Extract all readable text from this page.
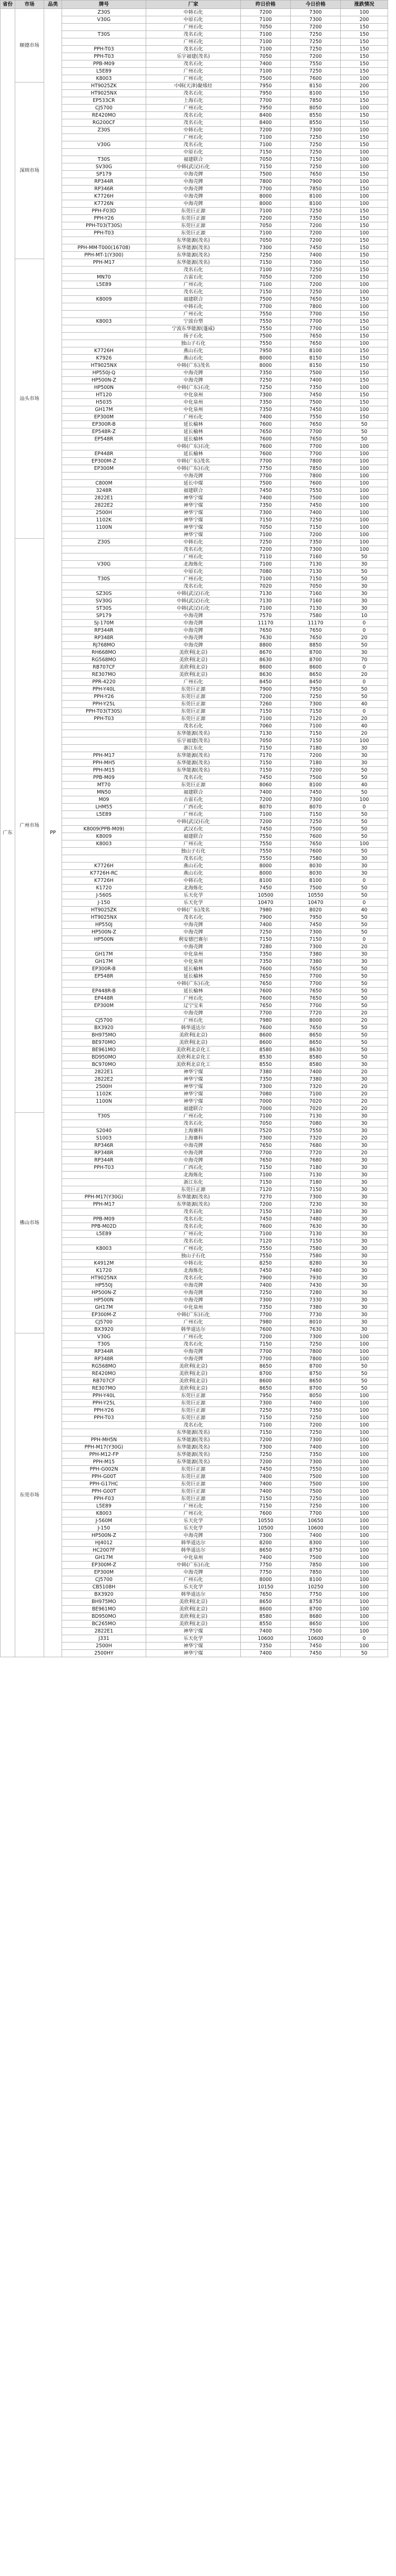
省份	市场	品类	牌号	厂家	昨日价格	今日价格	涨跌情况
广东	顺德市场	PP	Z30S	中韩石化	7200	7300	100
			V30G	中原石化	7100	7300	200
				广州石化	7050	7200	150
			T30S	茂名石化	7100	7250	150
				广州石化	7100	7250	150
			PPH-T03	茂名石化	7100	7250	150
			PPH-T03	乐宇福建(茂名)	7050	7200	150
			PPB-M09	茂名石化	7400	7550	150
			L5E89	广州石化	7100	7250	150
			K8003	广州石化	7500	7600	100
	深圳市场		HT9025ZK	中韩(天津)聚烯烃	7950	8150	200
			HT9025NX	茂名石化	7950	8100	150
			EP533CR	上海石化	7700	7850	150
			CJ5700	广州石化	7950	8050	100
			RE420MO	茂名石化	8400	8550	150
			RG200CF	茂名石化	8400	8550	150
			Z30S	中韩石化	7200	7300	100
				广州石化	7100	7250	150
			V30G	茂名石化	7100	7250	150
				中原石化	7150	7250	100
			T30S	福建联合	7050	7150	100
			SV30G	中韩(武汉)石化	7150	7250	100
			SP179	中海壳牌	7500	7650	150
			RP344R	中海壳牌	7800	7900	100
			RP346R	中海壳牌	7700	7850	150
			K7726H	中海壳牌	8000	8100	100
			K7726N	中海壳牌	8000	8100	100
			PPH-F03D	东莞巨正源	7100	7250	150
			PPH-Y26	东莞巨正源	7200	7350	150
			PPH-T03(T30S)	东莞巨正源	7050	7200	150
			PPH-T03	东莞巨正源	7100	7200	100
				东华能源(茂名)	7050	7200	150
			PPH-MM-T000(16708)	东华能源(茂名)	7300	7450	150
			PPH-MT-1(Y300)	东华能源(茂名)	7250	7400	150
	汕头市场		PPH-M17	东华能源(茂名)	7150	7300	150
				茂名石化	7100	7250	150
			MN70	古雷石化	7050	7200	150
			L5E89	广州石化	7100	7200	100
				茂名石化	7150	7250	100
			K8009	福建联合	7500	7650	150
				中韩石化	7700	7800	100
				广州石化	7550	7700	150
			K8003	宁波台塑	7550	7700	150
				宁波东华能源(蓬威)	7550	7700	150
				扬子石化	7500	7650	150
				独山子石化	7550	7650	100
			K7726H	燕山石化	7950	8100	150
			K7926	燕山石化	8000	8150	150
			HT9025NX	中韩(广东)茂名	8000	8150	150
			HP550J-Q	中海壳牌	7350	7500	150
			HP500N-Z	中海壳牌	7250	7400	150
			HP500N	中韩(广东)石化	7250	7350	100
			HT120	中化泉州	7300	7450	150
			H5035	中化泉州	7350	7500	150
			GH17M	中化泉州	7350	7450	100
			EP300M	广州石化	7400	7550	150
			EP300R-B	延长榆林	7600	7650	50
			EP548R-Z	延长榆林	7650	7700	50
			EP548R	延长榆林	7600	7650	50
				中韩(广东)石化	7600	7700	100
			EP448R	延长榆林	7600	7700	100
			EP300M-Z	中韩(广东)茂名	7700	7800	100
			EP300M	中韩(广东)石化	7750	7850	100
				中海壳牌	7700	7800	100
			C800M	延长中煤	7500	7600	100
			3248R	福建联合	7450	7550	100
			2822E1	神华宁煤	7400	7500	100
			2822E2	神华宁煤	7350	7450	100
			2500H	神华宁煤	7300	7400	100
			1102K	神华宁煤	7150	7250	100
			1100N	神华宁煤	7050	7150	100
				神华宁煤	7100	7200	100
	广州市场		Z30S	中韩石化	7250	7350	100
				茂名石化	7200	7300	100
				广州石化	7110	7160	50
			V30G	北海炼化	7100	7130	30
				中原石化	7080	7130	50
			T30S	广州石化	7100	7150	50
				茂名石化	7020	7050	30
			SZ30S	中韩(武汉)石化	7130	7160	30
			SV30G	中韩(武汉)石化	7130	7160	30
			ST30S	中韩(武汉)石化	7100	7130	30
			SP179	中海壳牌	7570	7580	10
			SJ-170M	中海壳牌	11170	11170	0
			RP344R	中海壳牌	7650	7650	0
			RP348R	中海壳牌	7630	7650	20
			RJ768MO	中海壳牌	8800	8850	50
			RH668MO	美欣利(北京)	8670	8700	30
			RG568MO	美欣利(北京)	8630	8700	70
			RB707CF	美欣利(北京)	8600	8600	0
			RE307MO	美欣利(北京)	8630	8650	20
			PPR-4220	广州石化	8450	8450	0
			PPH-Y40L	东莞巨正源	7900	7950	50
			PPH-Y26	东莞巨正源	7200	7250	50
			PPH-Y25L	东莞巨正源	7260	7300	40
			PPH-T03(T30S)	东莞巨正源	7150	7150	0
			PPH-T03	东莞巨正源	7100	7120	20
				茂名石化	7060	7100	40
				东华能源(茂名)	7130	7150	20
				乐宇福建(茂名)	7050	7150	100
				浙江东化	7150	7180	30
			PPH-M17	东华能源(茂名)	7170	7200	30
			PPH-MH5	东华能源(茂名)	7150	7180	30
			PPH-M15	东华能源(茂名)	7150	7200	50
			PPB-M09	茂名石化	7450	7500	50
			MT70	东莞巨正源	8060	8100	40
			MN50	福建联合	7400	7450	50
			M09	古雷石化	7200	7300	100
			LHM55	广西石化	8070	8070	0
			L5E89	广州石化	7100	7150	50
				中韩(武汉)石化	7200	7250	50
			K8009(PPB-M09)	武汉石化	7450	7500	50
			K8009	福建联合	7550	7600	50
			K8003	广州石化	7550	7650	100
				独山子石化	7550	7600	50
				茂名石化	7550	7580	30
			K7726H	燕山石化	8000	8030	30
			K7726H-RC	燕山石化	8000	8030	30
			K7726H	中韩石化	8100	8100	0
			K1720	北海炼化	7450	7500	50
			J-560S	乐天化学	10500	10550	50
			J-150	乐天化学	10470	10470	0
			HT9025ZK	中韩(广东)茂名	7980	8020	40
			HT9025NX	茂名石化	7900	7950	50
			HP550J	中海壳牌	7400	7450	50
			HP500N-Z	中海壳牌	7250	7300	50
			HP500N	利安德巴赛尔	7150	7150	0
				中海壳牌	7280	7300	20
			GH17M	中化泉州	7350	7380	30
			GH17M	中化泉州	7350	7380	30
			EP300R-B	延长榆林	7600	7650	50
			EP548R	延长榆林	7650	7700	50
				中韩(广东)石化	7650	7700	50
			EP448R-B	延长榆林	7600	7650	50
			EP448R	广州石化	7600	7650	50
			EP300M	辽宁宝来	7650	7700	50
				中海壳牌	7700	7720	20
			CJ5700	广州石化	7980	8000	20
			BX3920	韩华道达尔	7600	7650	50
			BH975MO	美欣利(北京)	8600	8650	50
			BE970MO	美欣利(北京)	8600	8650	50
			BE961MO	美欣利北京化工	8580	8630	50
			BD950MO	美欣利北京化工	8530	8580	50
			BC970MO	美欣利北京化工	8550	8580	30
			2822E1	神华宁煤	7380	7400	20
			2822E2	神华宁煤	7350	7380	30
			2500H	神华宁煤	7300	7320	20
			1102K	神华宁煤	7080	7100	20
			1100N	神华宁煤	7000	7020	20
				福建联合	7000	7020	20
	佛山市场		T30S	广州石化	7100	7130	30
				茂名石化	7050	7080	30
			S2040	上海赛科	7520	7550	30
			S1003	上海赛科	7300	7320	20
			RP346R	中海壳牌	7650	7680	30
			RP348R	中海壳牌	7700	7720	20
			RP344R	中海壳牌	7650	7680	30
			PPH-T03	广西石化	7150	7180	30
				北海炼化	7100	7130	30
				浙江东化	7150	7180	30
				东莞巨正源	7120	7150	30
			PPH-M17(Y30G)	东华能源(茂名)	7270	7300	30
			PPH-M17	东华能源(茂名)	7200	7230	30
				茂名石化	7150	7180	30
			PPB-M09	茂名石化	7450	7480	30
			PPB-M02D	茂名石化	7600	7630	30
			L5E89	广州石化	7100	7130	30
				茂名石化	7120	7150	30
			K8003	广州石化	7550	7580	30
				独山子石化	7550	7580	30
			K4912M	中韩石化	8250	8280	30
			K1720	北海炼化	7450	7480	30
			HT9025NX	茂名石化	7900	7930	30
			HP550J	中海壳牌	7400	7430	30
			HP500N-Z	中海壳牌	7250	7280	30
			HP500N	中海壳牌	7300	7330	30
			GH17M	中化泉州	7350	7380	30
			EP300M-Z	中韩(广东)石化	7700	7730	30
			CJ5700	广州石化	7980	8010	30
			BX3920	韩华道达尔	7600	7630	30
	东莞市场		V30G	广州石化	7200	7300	100
			T30S	茂名石化	7150	7250	100
			RP344R	中海壳牌	7700	7800	100
			RP348R	中海壳牌	7700	7800	100
			RG568MO	美欣利(北京)	8650	8700	50
			RE420MO	美欣利(北京)	8700	8750	50
			RB707CF	美欣利(北京)	8600	8650	50
			RE307MO	美欣利(北京)	8650	8700	50
			PPH-Y40L	东莞巨正源	7950	8050	100
			PPH-Y25L	东莞巨正源	7300	7400	100
			PPH-Y26	东莞巨正源	7250	7350	100
			PPH-T03	东莞巨正源	7150	7250	100
				茂名石化	7100	7200	100
				东华能源(茂名)	7150	7250	100
			PPH-MH5N	东华能源(茂名)	7200	7300	100
			PPH-M17(Y30G)	东华能源(茂名)	7300	7400	100
			PPH-M12-FP	东华能源(茂名)	7250	7350	100
			PPH-M15	东华能源(茂名)	7200	7300	100
			PPH-G002N	东莞巨正源	7450	7550	100
			PPH-G00T	东莞巨正源	7400	7500	100
			PPH-G17HC	东莞巨正源	7400	7500	100
			PPH-G00T	东莞巨正源	7400	7500	100
			PPH-F03	东莞巨正源	7150	7250	100
			L5E89	广州石化	7150	7250	100
			K8003	广州石化	7600	7700	100
			J-560M	乐天化学	10550	10650	100
			J-150	乐天化学	10500	10600	100
			HP500N-Z	中海壳牌	7300	7400	100
			HJ4012	韩华道达尔	8200	8300	100
			HC2007F	韩华道达尔	8650	8750	100
			GH17M	中化泉州	7400	7500	100
			EP300M-Z	中韩(广东)石化	7750	7850	100
			EP300M	中海壳牌	7750	7850	100
			CJ5700	广州石化	8000	8100	100
			CB5108H	乐天化学	10150	10250	100
			BX3920	韩华道达尔	7650	7750	100
			BH975MO	美欣利(北京)	8650	8750	100
			BE961MO	美欣利(北京)	8600	8700	100
			BD950MO	美欣利(北京)	8580	8680	100
			BC265MO	美欣利(北京)	8550	8650	100
			2822E1	神华宁煤	7400	7500	100
			J331	乐天化学	10600	10600	0
			2500H	神华宁煤	7350	7450	100
			2500HY	神华宁煤	7400	7450	50
